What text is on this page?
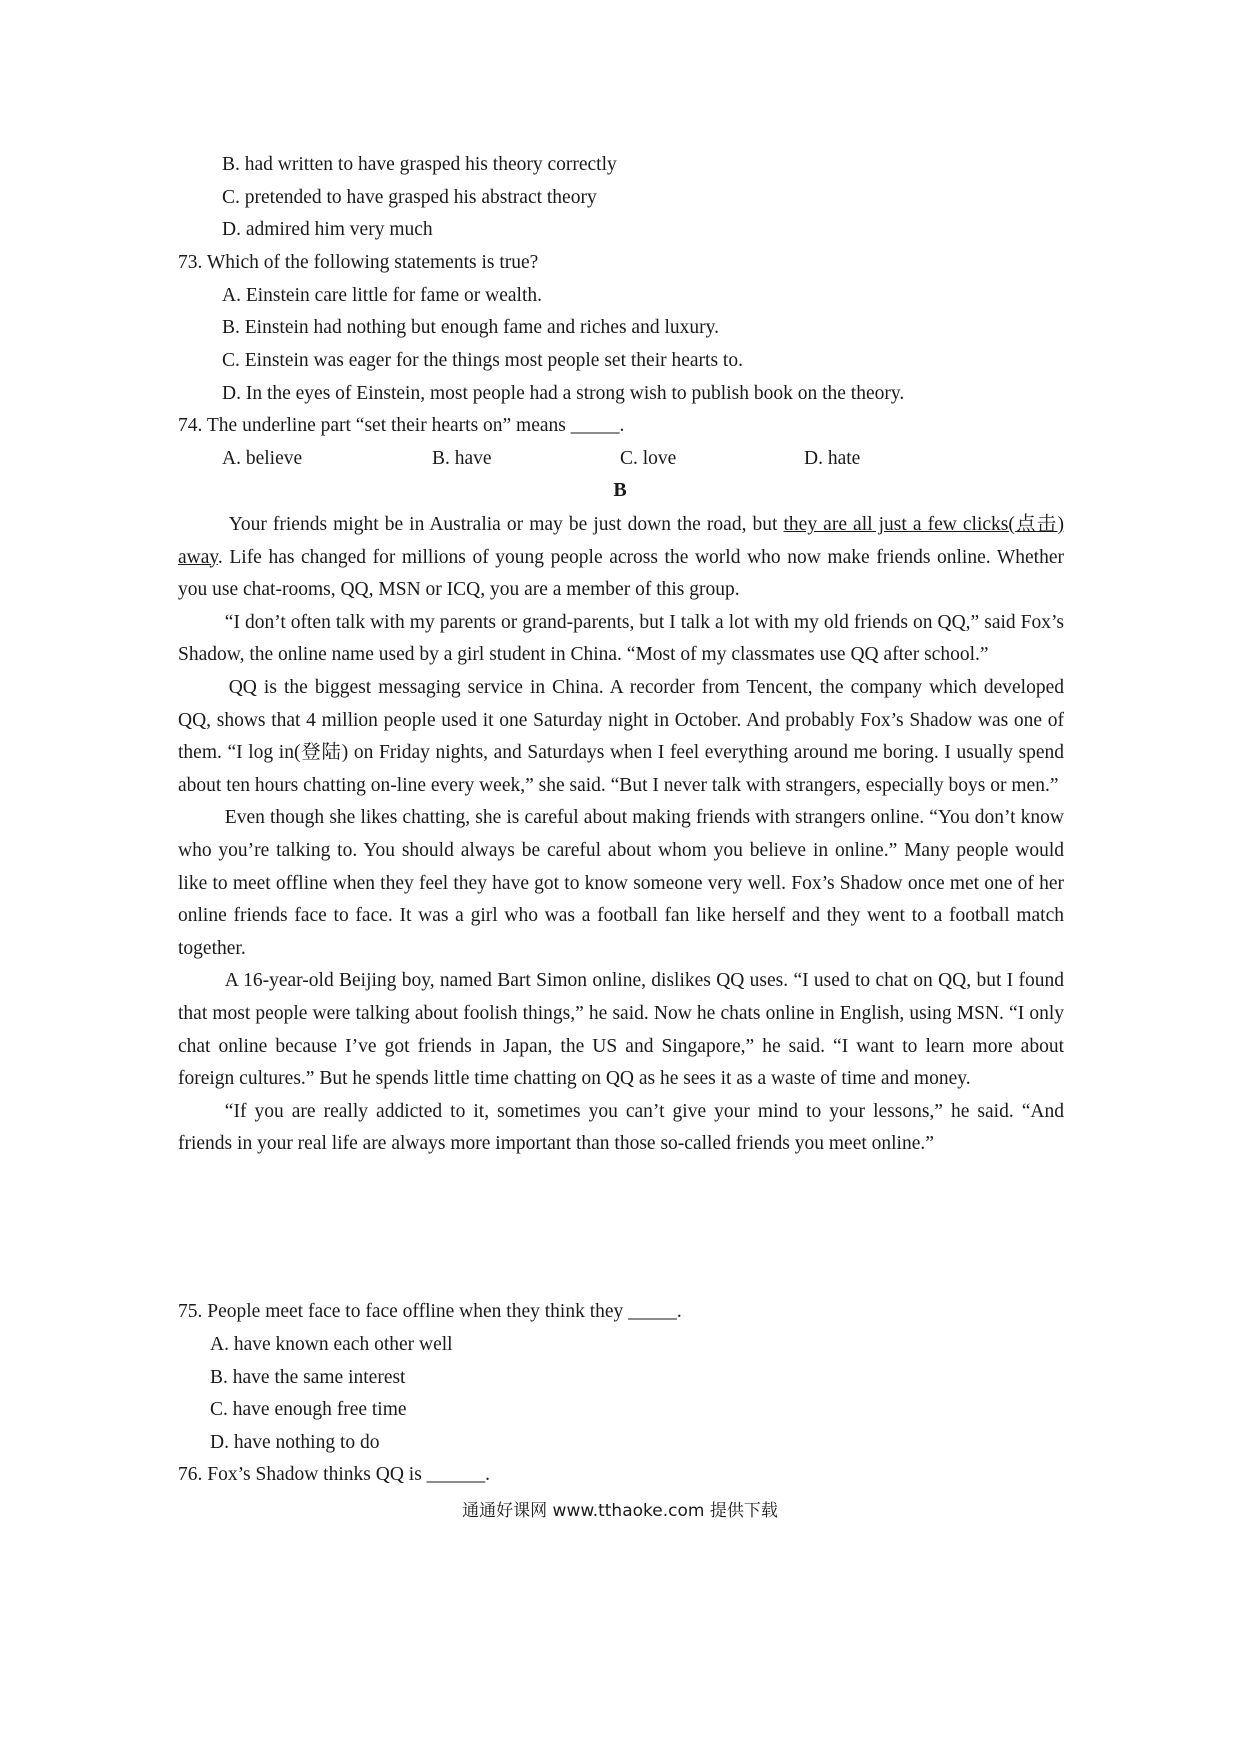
B. had written to have grasped his theory correctly
C. pretended to have grasped his abstract theory
D. admired him very much
73. Which of the following statements is true?
A. Einstein care little for fame or wealth.
B. Einstein had nothing but enough fame and riches and luxury.
C. Einstein was eager for the things most people set their hearts to.
D. In the eyes of Einstein, most people had a strong wish to publish book on the theory.
74. The underline part “set their hearts on” means _____.
A. believe	B. have	C. love	D. hate
B

Your friends might be in Australia or may be just down the road, but they are all just a few clicks(点击) away. Life has changed for millions of young people across the world who now make friends online. Whether you use chat-rooms, QQ, MSN or ICQ, you are a member of this group.

“I don’t often talk with my parents or grand-parents, but I talk a lot with my old friends on QQ,” said Fox’s Shadow, the online name used by a girl student in China. “Most of my classmates use QQ after school.”

QQ is the biggest messaging service in China. A recorder from Tencent, the company which developed QQ, shows that 4 million people used it one Saturday night in October. And probably Fox’s Shadow was one of them. “I log in(登陆) on Friday nights, and Saturdays when I feel everything around me boring. I usually spend about ten hours chatting on-line every week,” she said. “But I never talk with strangers, especially boys or men.”

Even though she likes chatting, she is careful about making friends with strangers online. “You don’t know who you’re talking to. You should always be careful about whom you believe in online.” Many people would like to meet offline when they feel they have got to know someone very well. Fox’s Shadow once met one of her online friends face to face. It was a girl who was a football fan like herself and they went to a football match together.

A 16-year-old Beijing boy, named Bart Simon online, dislikes QQ uses. “I used to chat on QQ, but I found that most people were talking about foolish things,” he said. Now he chats online in English, using MSN. “I only chat online because I’ve got friends in Japan, the US and Singapore,” he said. “I want to learn more about foreign cultures.” But he spends little time chatting on QQ as he sees it as a waste of time and money.

“If you are really addicted to it, sometimes you can’t give your mind to your lessons,” he said. “And friends in your real life are always more important than those so-called friends you meet online.”

75. People meet face to face offline when they think they _____.
A. have known each other well
B. have the same interest
C. have enough free time
D. have nothing to do
76. Fox’s Shadow thinks QQ is ______.
通通好课网 www.tthaoke.com 提供下载
